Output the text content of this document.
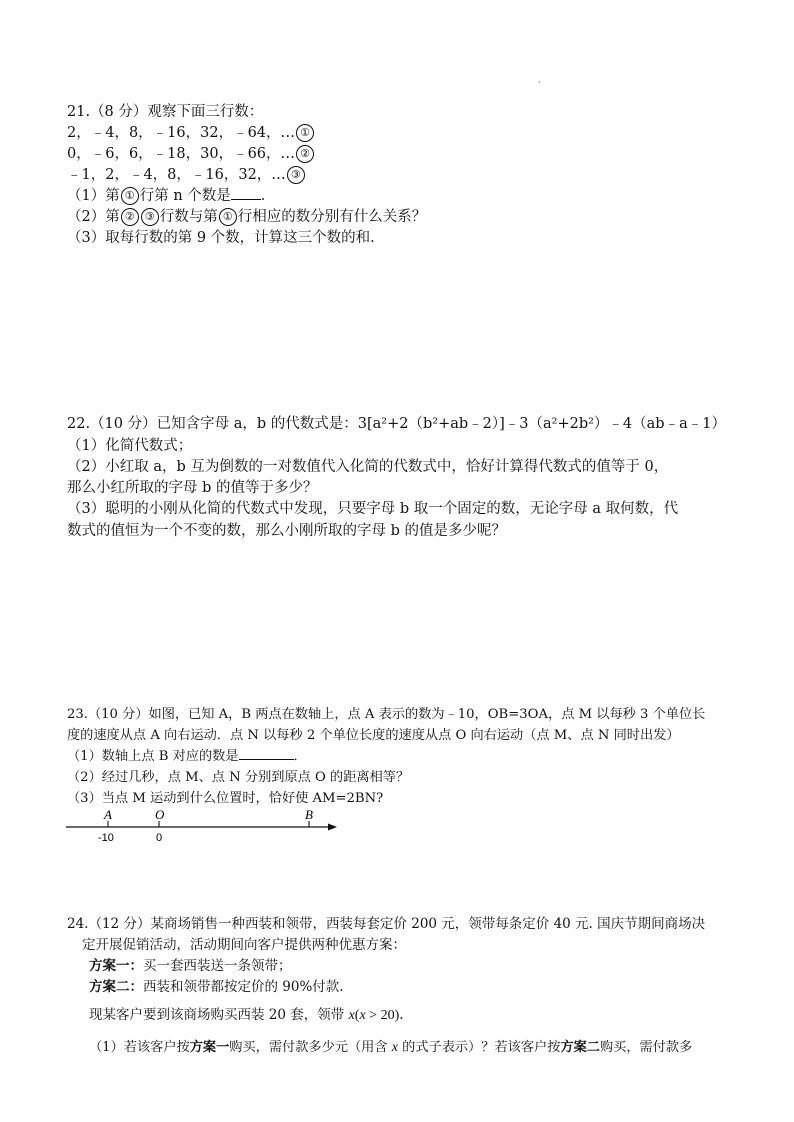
·
21.（8 分）观察下面三行数：
2，﹣4，8，﹣16，32，﹣64，… ①
0，﹣6，6，﹣18，30，﹣66，… ②
﹣1，2，﹣4，8，﹣16，32，… ③
（1）第 ① 行第 n 个数是 ．
（2）第 ② ③ 行数与第 ① 行相应的数分别有什么关系？
（3）取每行数的第 9 个数，计算这三个数的和.
22.（10 分）已知含字母 a，b 的代数式是：3[a²+2（b²+ab﹣2）]﹣3（a²+2b²）﹣4（ab﹣a﹣1）
（1）化简代数式；
（2）小红取 a，b 互为倒数的一对数值代入化简的代数式中，恰好计算得代数式的值等于 0，
那么小红所取的字母 b 的值等于多少？
（3）聪明的小刚从化简的代数式中发现，只要字母 b 取一个固定的数，无论字母 a 取何数，代
数式的值恒为一个不变的数，那么小刚所取的字母 b 的值是多少呢？
23.（10 分）如图，已知 A，B 两点在数轴上，点 A 表示的数为﹣10，OB=3OA，点 M 以每秒 3 个单位长
度的速度从点 A 向右运动．点 N 以每秒 2 个单位长度的速度从点 O 向右运动（点 M、点 N 同时出发）
（1）数轴上点 B 对应的数是	．
（2）经过几秒，点 M、点 N 分别到原点 O 的距离相等？
（3）当点 M 运动到什么位置时，恰好使 AM=2BN?
A	O	B
-10	0
24.（12 分）某商场销售一种西装和领带，西装每套定价 200 元，领带每条定价 40 元. 国庆节期间商场决
定开展促销活动，活动期间向客户提供两种优惠方案：
方案一：买一套西装送一条领带；
方案二：西装和领带都按定价的 90%付款.
现某客户要到该商场购买西装 20 套，领带 x(x > 20).
（1）若该客户按方案一购买，需付款多少元（用含 x 的式子表示）？若该客户按方案二购买，需付款多
